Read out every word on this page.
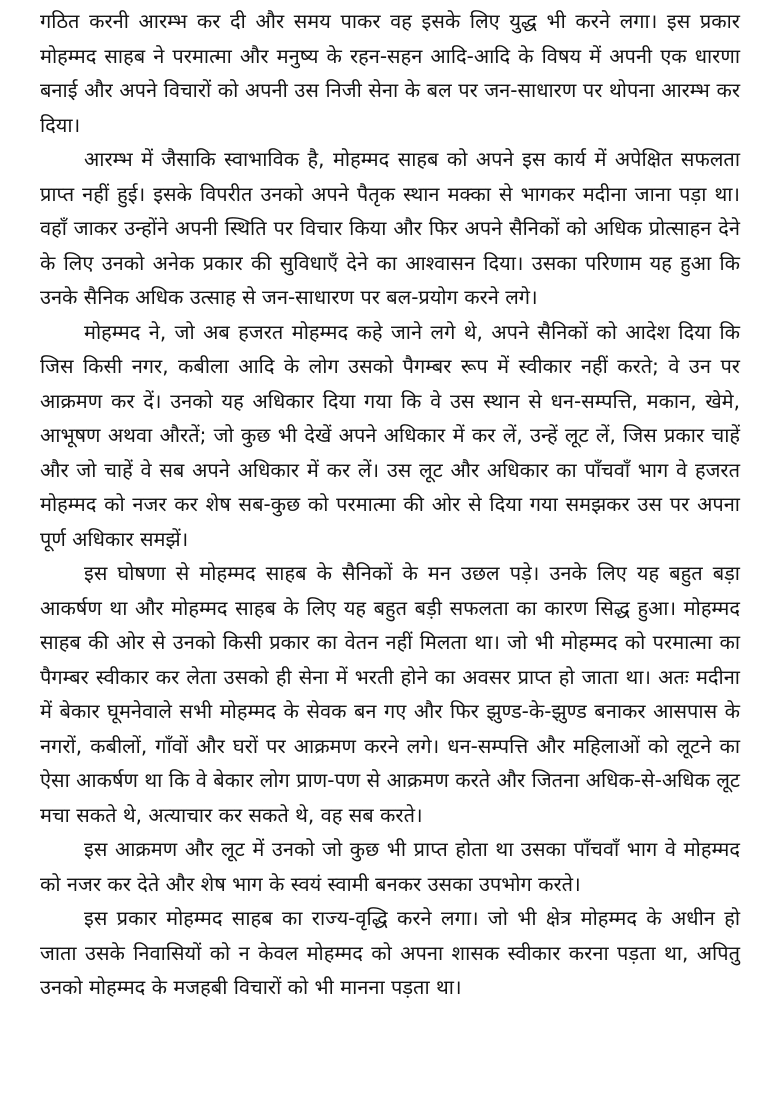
गठित करनी आरम्भ कर दी और समय पाकर वह इसके लिए युद्ध भी करने लगा। इस प्रकार मोहम्मद साहब ने परमात्मा और मनुष्य के रहन-सहन आदि-आदि के विषय में अपनी एक धारणा बनाई और अपने विचारों को अपनी उस निजी सेना के बल पर जन-साधारण पर थोपना आरम्भ कर दिया।

आरम्भ में जैसाकि स्वाभाविक है, मोहम्मद साहब को अपने इस कार्य में अपेक्षित सफलता प्राप्त नहीं हुई। इसके विपरीत उनको अपने पैतृक स्थान मक्का से भागकर मदीना जाना पड़ा था। वहाँ जाकर उन्होंने अपनी स्थिति पर विचार किया और फिर अपने सैनिकों को अधिक प्रोत्साहन देने के लिए उनको अनेक प्रकार की सुविधाएँ देने का आश्वासन दिया। उसका परिणाम यह हुआ कि उनके सैनिक अधिक उत्साह से जन-साधारण पर बल-प्रयोग करने लगे।

मोहम्मद ने, जो अब हजरत मोहम्मद कहे जाने लगे थे, अपने सैनिकों को आदेश दिया कि जिस किसी नगर, कबीला आदि के लोग उसको पैगम्बर रूप में स्वीकार नहीं करते; वे उन पर आक्रमण कर दें। उनको यह अधिकार दिया गया कि वे उस स्थान से धन-सम्पत्ति, मकान, खेमे, आभूषण अथवा औरतें; जो कुछ भी देखें अपने अधिकार में कर लें, उन्हें लूट लें, जिस प्रकार चाहें और जो चाहें वे सब अपने अधिकार में कर लें। उस लूट और अधिकार का पाँचवाँ भाग वे हजरत मोहम्मद को नजर कर शेष सब-कुछ को परमात्मा की ओर से दिया गया समझकर उस पर अपना पूर्ण अधिकार समझें।

इस घोषणा से मोहम्मद साहब के सैनिकों के मन उछल पड़े। उनके लिए यह बहुत बड़ा आकर्षण था और मोहम्मद साहब के लिए यह बहुत बड़ी सफलता का कारण सिद्ध हुआ। मोहम्मद साहब की ओर से उनको किसी प्रकार का वेतन नहीं मिलता था। जो भी मोहम्मद को परमात्मा का पैगम्बर स्वीकार कर लेता उसको ही सेना में भरती होने का अवसर प्राप्त हो जाता था। अतः मदीना में बेकार घूमनेवाले सभी मोहम्मद के सेवक बन गए और फिर झुण्ड-के-झुण्ड बनाकर आसपास के नगरों, कबीलों, गाँवों और घरों पर आक्रमण करने लगे। धन-सम्पत्ति और महिलाओं को लूटने का ऐसा आकर्षण था कि वे बेकार लोग प्राण-पण से आक्रमण करते और जितना अधिक-से-अधिक लूट मचा सकते थे, अत्याचार कर सकते थे, वह सब करते।

इस आक्रमण और लूट में उनको जो कुछ भी प्राप्त होता था उसका पाँचवाँ भाग वे मोहम्मद को नजर कर देते और शेष भाग के स्वयं स्वामी बनकर उसका उपभोग करते।

इस प्रकार मोहम्मद साहब का राज्य-वृद्धि करने लगा। जो भी क्षेत्र मोहम्मद के अधीन हो जाता उसके निवासियों को न केवल मोहम्मद को अपना शासक स्वीकार करना पड़ता था, अपितु उनको मोहम्मद के मजहबी विचारों को भी मानना पड़ता था।
